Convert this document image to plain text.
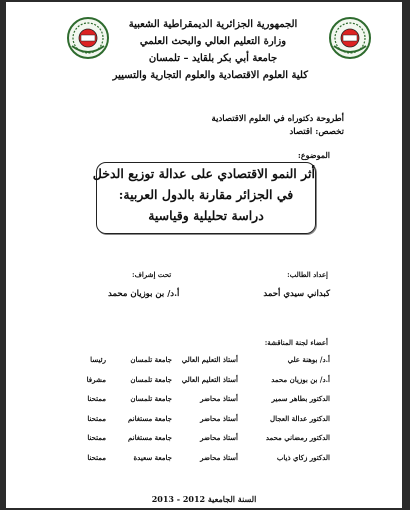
الجمهورية الجزائرية الديمقراطية الشعبية
وزارة التعليم العالي والبحث العلمي
جامعة أبي بكر بلقايد – تلمسان
كلية العلوم الاقتصادية والعلوم التجارية والتسيير
أطروحة دكتوراه في العلوم الاقتصادية
تخصص: اقتصاد
الموضوع:
أثر النمو الاقتصادي على عدالة توزيع الدخل
في الجزائر مقارنة بالدول العربية:
دراسة تحليلية وقياسية
إعداد الطالب:
كبداني سيدي أحمد
تحت إشراف:
أ.د/ بن بوزيان محمد
أعضاء لجنة المناقشة:
أ.د/ بوهنة علي
أستاذ التعليم العالي
جامعة تلمسان
رئيسا
أ.د/ بن بوزيان محمد
أستاذ التعليم العالي
جامعة تلمسان
مشرفا
الدكتور بطاهر سمير
أستاذ محاضر
جامعة تلمسان
ممتحنا
الدكتور عدالة العجال
أستاذ محاضر
جامعة مستغانم
ممتحنا
الدكتور رمضاني محمد
أستاذ محاضر
جامعة مستغانم
ممتحنا
الدكتور زكاي ذياب
أستاذ محاضر
جامعة سعيدة
ممتحنا
السنة الجامعية 2012 - 2013
